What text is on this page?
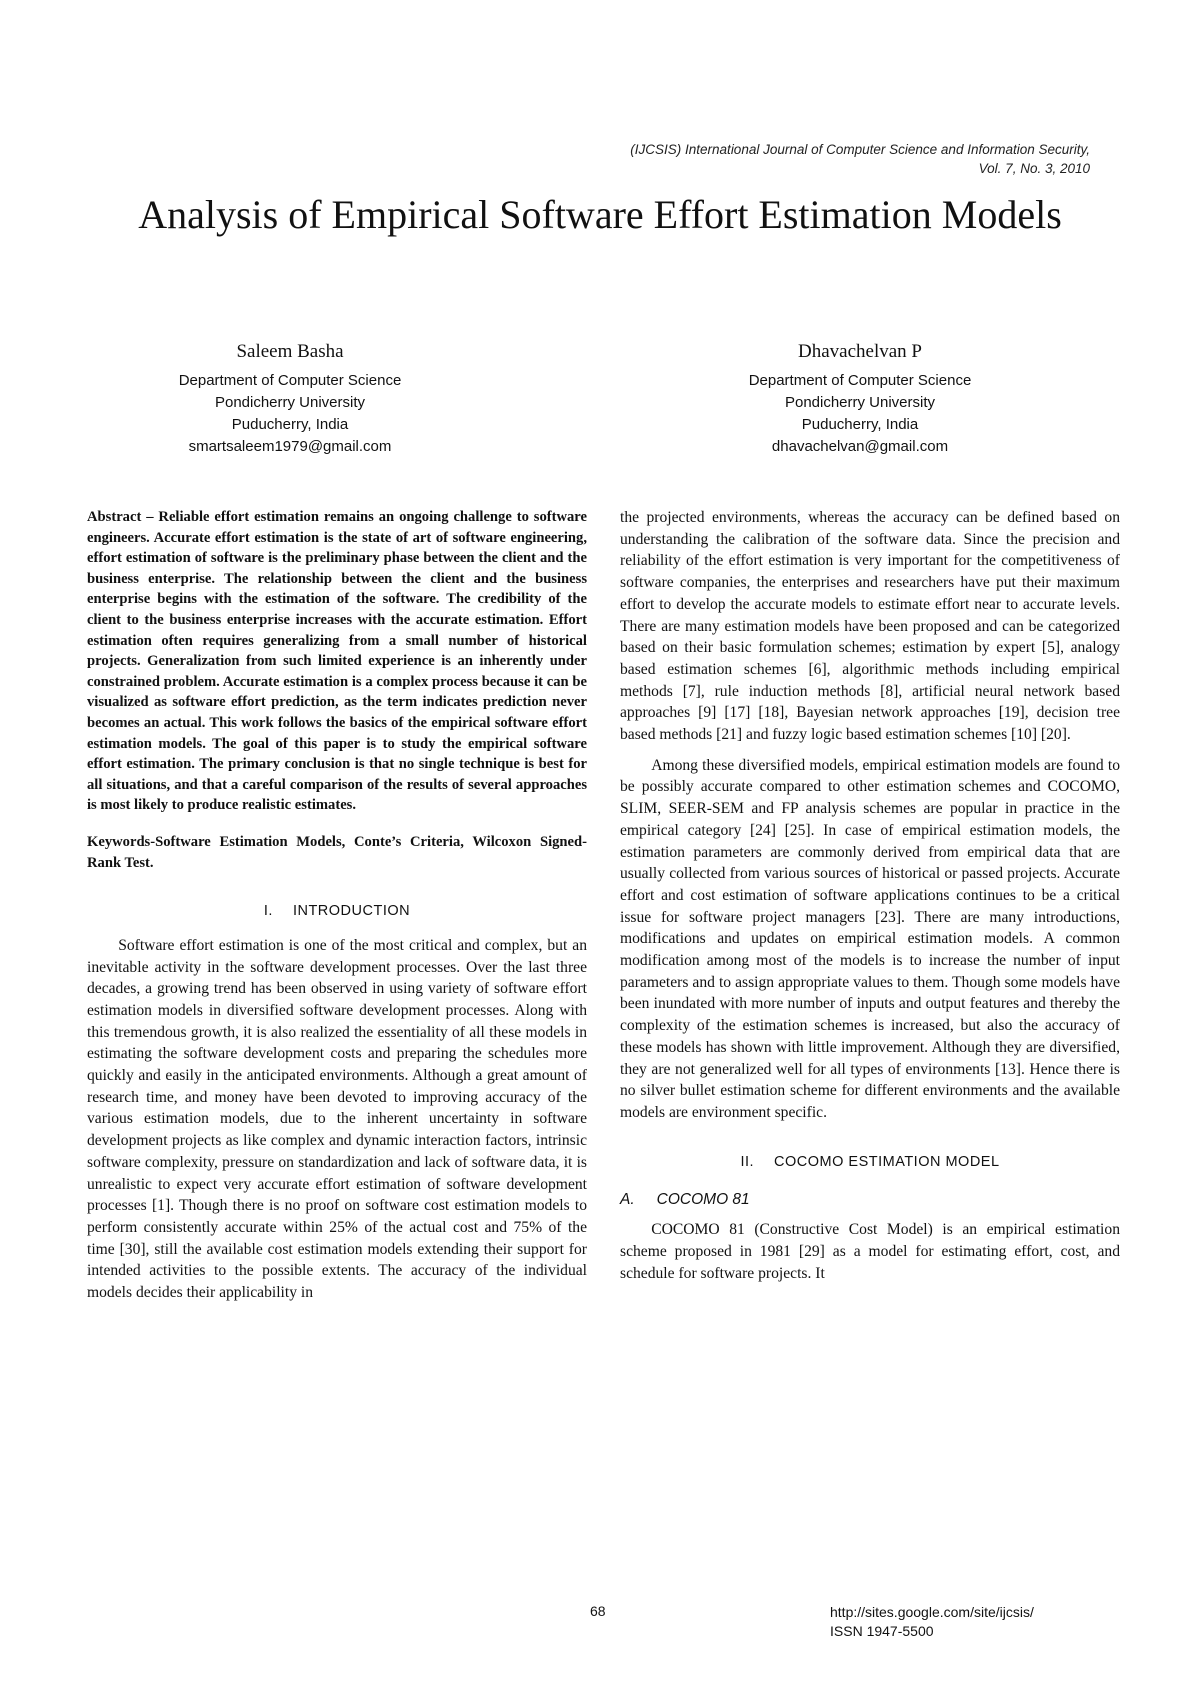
(IJCSIS) International Journal of Computer Science and Information Security,
Vol. 7, No. 3, 2010
Analysis of Empirical Software Effort Estimation Models
Saleem Basha
Department of Computer Science
Pondicherry University
Puducherry, India
smartsaleem1979@gmail.com
Dhavachelvan P
Department of Computer Science
Pondicherry University
Puducherry, India
dhavachelvan@gmail.com

Abstract – Reliable effort estimation remains an ongoing challenge to software engineers. Accurate effort estimation is the state of art of software engineering, effort estimation of software is the preliminary phase between the client and the business enterprise. The relationship between the client and the business enterprise begins with the estimation of the software. The credibility of the client to the business enterprise increases with the accurate estimation. Effort estimation often requires generalizing from a small number of historical projects. Generalization from such limited experience is an inherently under constrained problem. Accurate estimation is a complex process because it can be visualized as software effort prediction, as the term indicates prediction never becomes an actual. This work follows the basics of the empirical software effort estimation models. The goal of this paper is to study the empirical software effort estimation. The primary conclusion is that no single technique is best for all situations, and that a careful comparison of the results of several approaches is most likely to produce realistic estimates.

Keywords-Software Estimation Models, Conte’s Criteria, Wilcoxon Signed-Rank Test.

I. INTRODUCTION

Software effort estimation is one of the most critical and complex, but an inevitable activity in the software development processes. Over the last three decades, a growing trend has been observed in using variety of software effort estimation models in diversified software development processes. Along with this tremendous growth, it is also realized the essentiality of all these models in estimating the software development costs and preparing the schedules more quickly and easily in the anticipated environments. Although a great amount of research time, and money have been devoted to improving accuracy of the various estimation models, due to the inherent uncertainty in software development projects as like complex and dynamic interaction factors, intrinsic software complexity, pressure on standardization and lack of software data, it is unrealistic to expect very accurate effort estimation of software development processes [1]. Though there is no proof on software cost estimation models to perform consistently accurate within 25% of the actual cost and 75% of the time [30], still the available cost estimation models extending their support for intended activities to the possible extents. The accuracy of the individual models decides their applicability in

the projected environments, whereas the accuracy can be defined based on understanding the calibration of the software data. Since the precision and reliability of the effort estimation is very important for the competitiveness of software companies, the enterprises and researchers have put their maximum effort to develop the accurate models to estimate effort near to accurate levels. There are many estimation models have been proposed and can be categorized based on their basic formulation schemes; estimation by expert [5], analogy based estimation schemes [6], algorithmic methods including empirical methods [7], rule induction methods [8], artificial neural network based approaches [9] [17] [18], Bayesian network approaches [19], decision tree based methods [21] and fuzzy logic based estimation schemes [10] [20].

Among these diversified models, empirical estimation models are found to be possibly accurate compared to other estimation schemes and COCOMO, SLIM, SEER-SEM and FP analysis schemes are popular in practice in the empirical category [24] [25]. In case of empirical estimation models, the estimation parameters are commonly derived from empirical data that are usually collected from various sources of historical or passed projects. Accurate effort and cost estimation of software applications continues to be a critical issue for software project managers [23]. There are many introductions, modifications and updates on empirical estimation models. A common modification among most of the models is to increase the number of input parameters and to assign appropriate values to them. Though some models have been inundated with more number of inputs and output features and thereby the complexity of the estimation schemes is increased, but also the accuracy of these models has shown with little improvement. Although they are diversified, they are not generalized well for all types of environments [13]. Hence there is no silver bullet estimation scheme for different environments and the available models are environment specific.

II. COCOMO ESTIMATION MODEL
A. COCOMO 81

COCOMO 81 (Constructive Cost Model) is an empirical estimation scheme proposed in 1981 [29] as a model for estimating effort, cost, and schedule for software projects. It

68	http://sites.google.com/site/ijcsis/
ISSN 1947-5500
